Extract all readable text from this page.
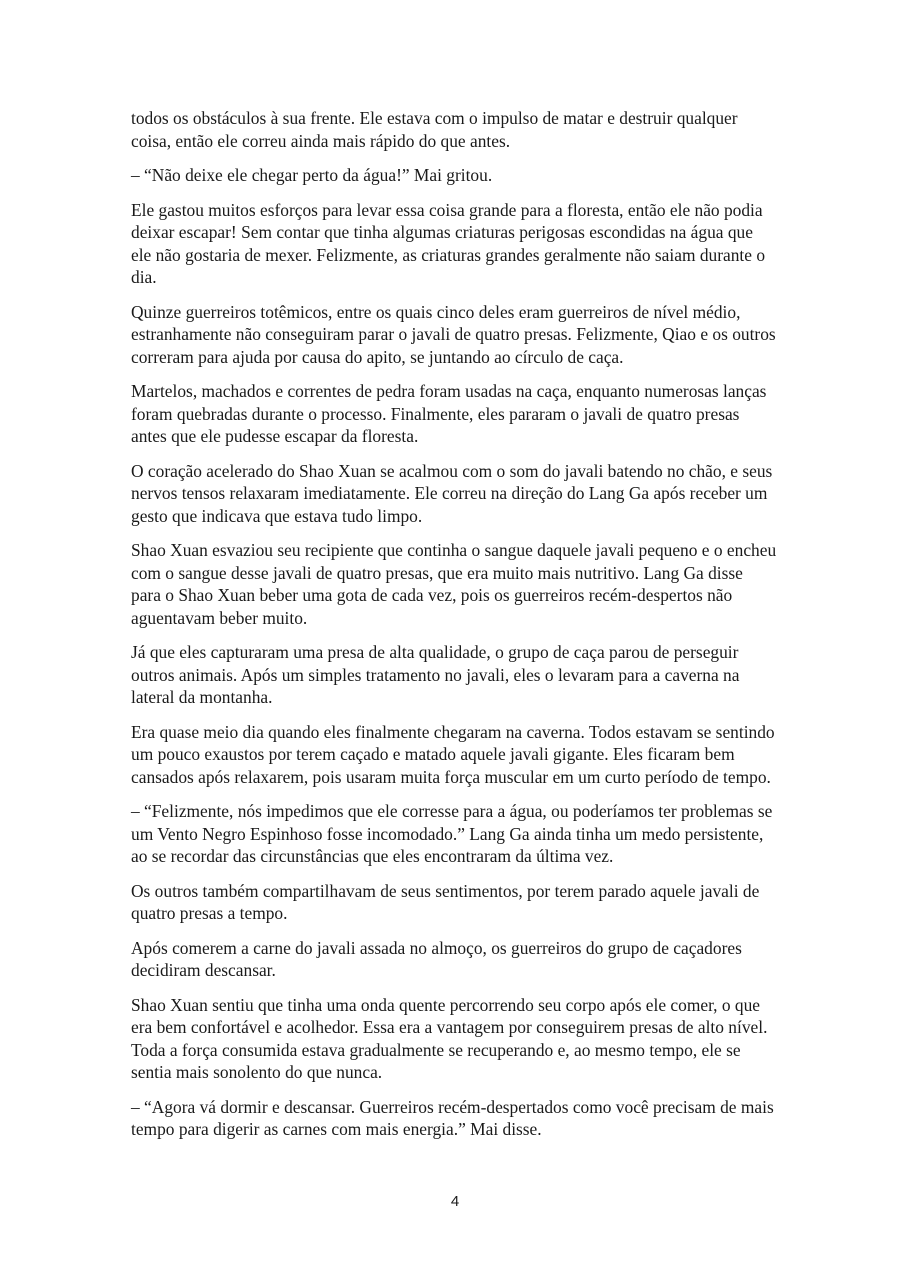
todos os obstáculos à sua frente. Ele estava com o impulso de matar e destruir qualquer coisa, então ele correu ainda mais rápido do que antes.

– “Não deixe ele chegar perto da água!” Mai gritou.

Ele gastou muitos esforços para levar essa coisa grande para a floresta, então ele não podia deixar escapar! Sem contar que tinha algumas criaturas perigosas escondidas na água que ele não gostaria de mexer. Felizmente, as criaturas grandes geralmente não saiam durante o dia.

Quinze guerreiros totêmicos, entre os quais cinco deles eram guerreiros de nível médio, estranhamente não conseguiram parar o javali de quatro presas. Felizmente, Qiao e os outros correram para ajuda por causa do apito, se juntando ao círculo de caça.

Martelos, machados e correntes de pedra foram usadas na caça, enquanto numerosas lanças foram quebradas durante o processo. Finalmente, eles pararam o javali de quatro presas antes que ele pudesse escapar da floresta.

O coração acelerado do Shao Xuan se acalmou com o som do javali batendo no chão, e seus nervos tensos relaxaram imediatamente. Ele correu na direção do Lang Ga após receber um gesto que indicava que estava tudo limpo.

Shao Xuan esvaziou seu recipiente que continha o sangue daquele javali pequeno e o encheu com o sangue desse javali de quatro presas, que era muito mais nutritivo. Lang Ga disse para o Shao Xuan beber uma gota de cada vez, pois os guerreiros recém-despertos não aguentavam beber muito.

Já que eles capturaram uma presa de alta qualidade, o grupo de caça parou de perseguir outros animais. Após um simples tratamento no javali, eles o levaram para a caverna na lateral da montanha.

Era quase meio dia quando eles finalmente chegaram na caverna. Todos estavam se sentindo um pouco exaustos por terem caçado e matado aquele javali gigante. Eles ficaram bem cansados após relaxarem, pois usaram muita força muscular em um curto período de tempo.

– “Felizmente, nós impedimos que ele corresse para a água, ou poderíamos ter problemas se um Vento Negro Espinhoso fosse incomodado.” Lang Ga ainda tinha um medo persistente, ao se recordar das circunstâncias que eles encontraram da última vez.

Os outros também compartilhavam de seus sentimentos, por terem parado aquele javali de quatro presas a tempo.

Após comerem a carne do javali assada no almoço, os guerreiros do grupo de caçadores decidiram descansar.

Shao Xuan sentiu que tinha uma onda quente percorrendo seu corpo após ele comer, o que era bem confortável e acolhedor. Essa era a vantagem por conseguirem presas de alto nível. Toda a força consumida estava gradualmente se recuperando e, ao mesmo tempo, ele se sentia mais sonolento do que nunca.

– “Agora vá dormir e descansar. Guerreiros recém-despertados como você precisam de mais tempo para digerir as carnes com mais energia.” Mai disse.

4
